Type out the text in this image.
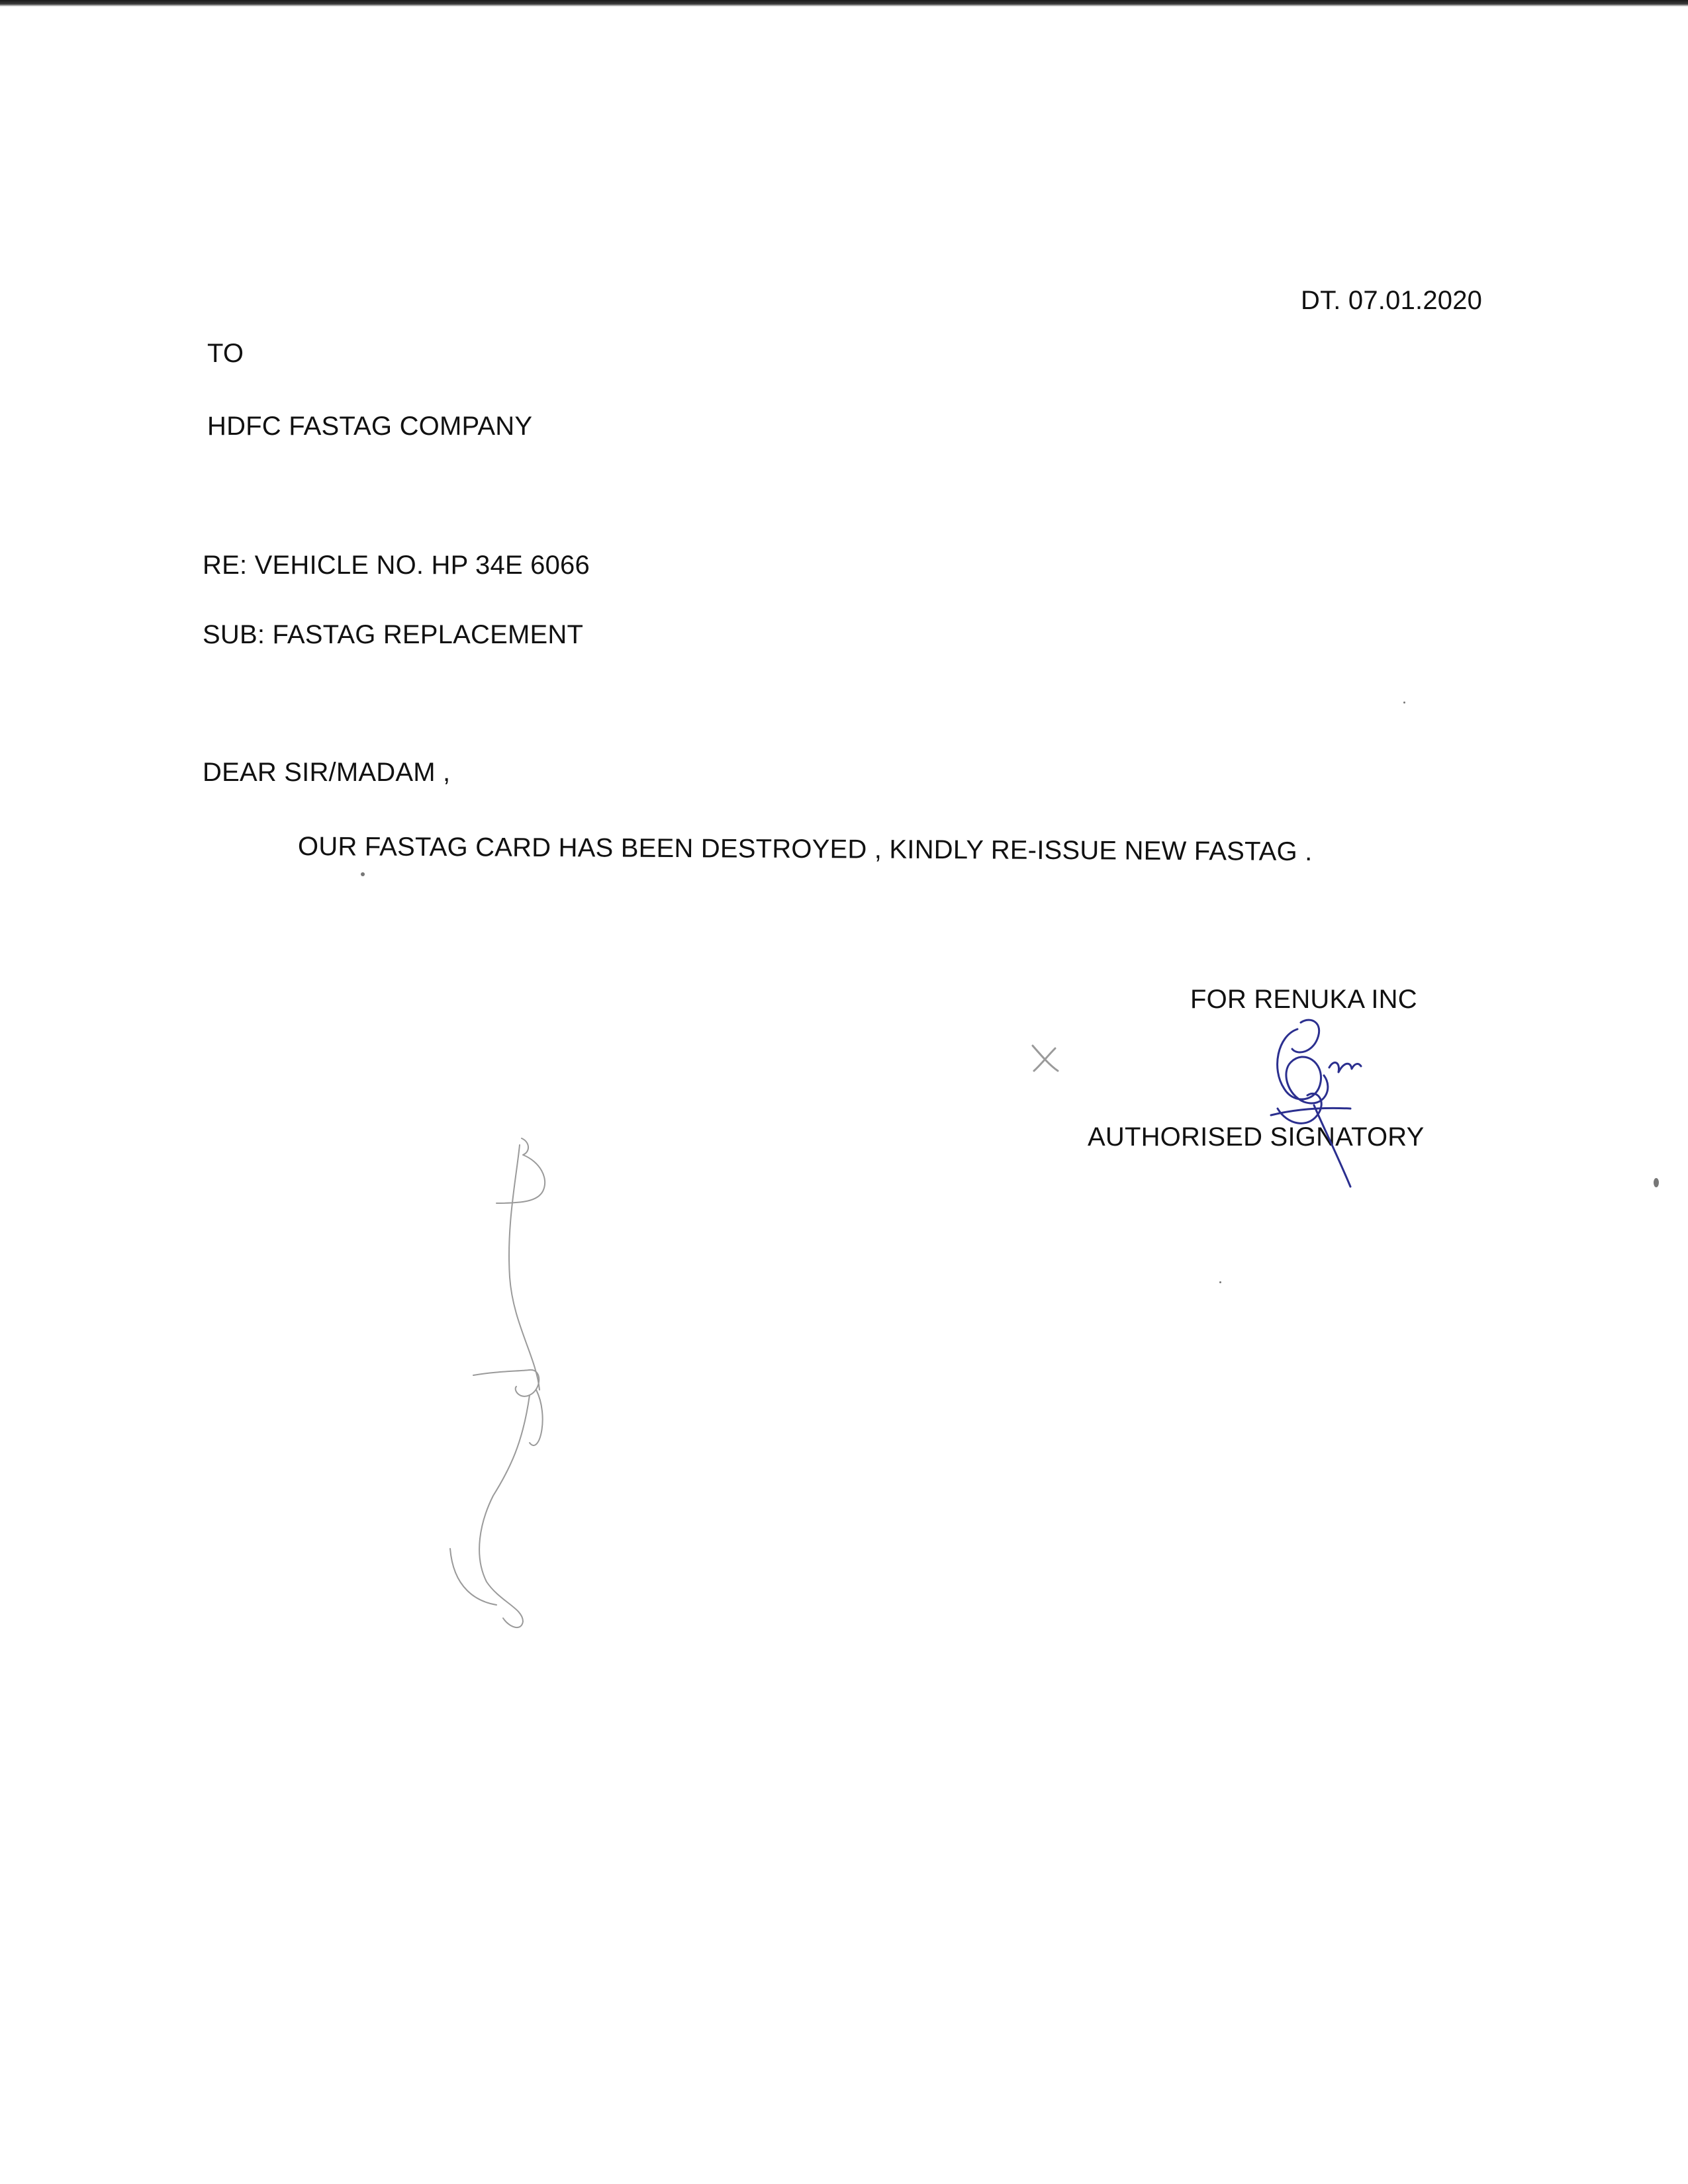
DT. 07.01.2020
TO
HDFC FASTAG COMPANY
RE: VEHICLE NO. HP 34E 6066
SUB: FASTAG REPLACEMENT
DEAR SIR/MADAM ,
OUR FASTAG CARD HAS BEEN DESTROYED , KINDLY RE-ISSUE NEW FASTAG .
FOR RENUKA INC
AUTHORISED SIGNATORY
